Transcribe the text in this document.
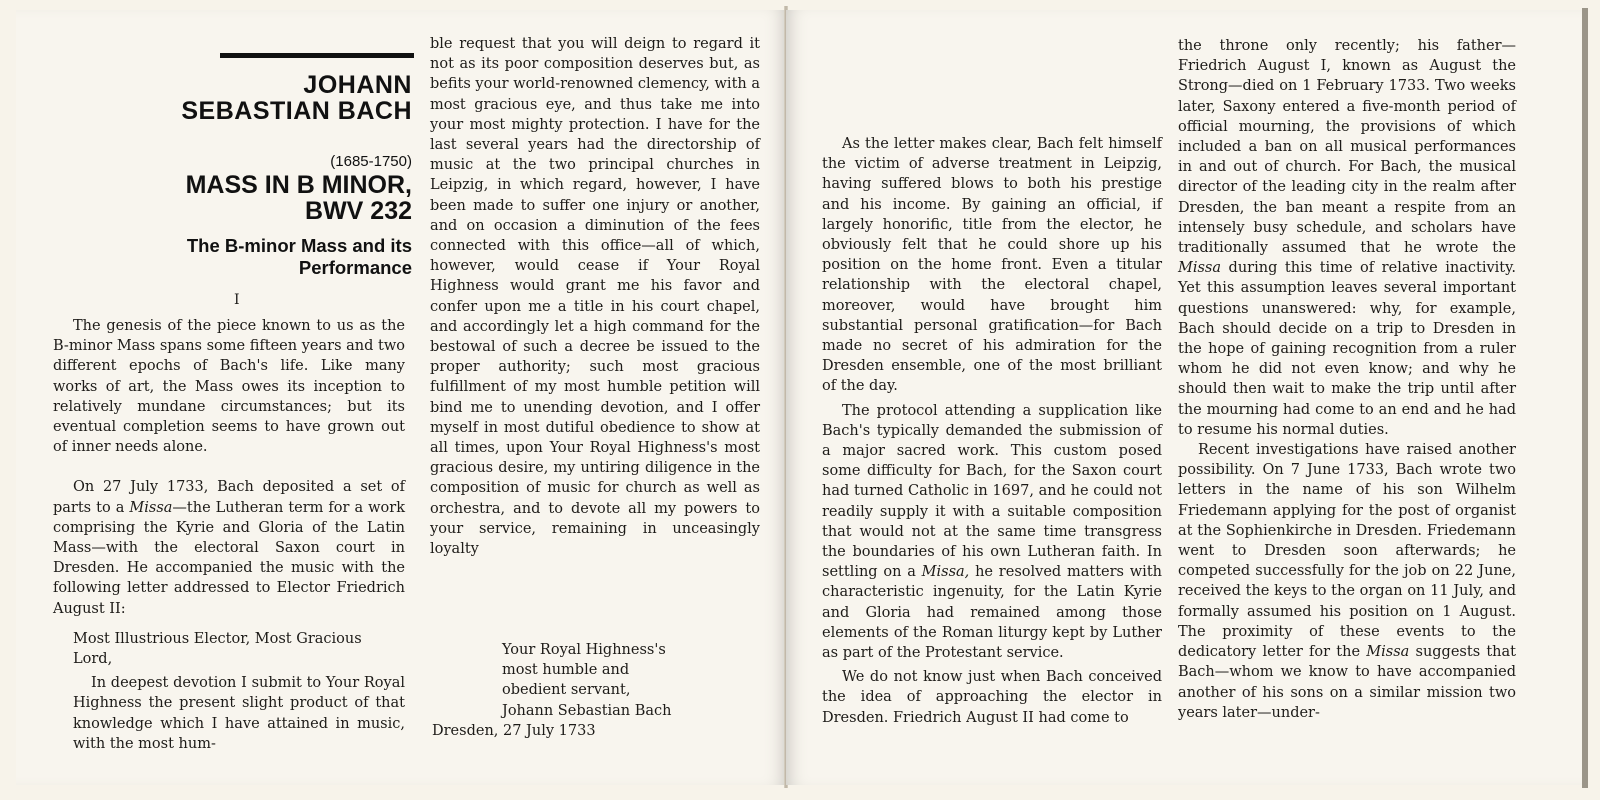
JOHANN SEBASTIAN BACH
(1685-1750)
MASS IN B MINOR, BWV 232
The B-minor Mass and its Performance
I

The genesis of the piece known to us as the B-minor Mass spans some fifteen years and two different epochs of Bach's life. Like many works of art, the Mass owes its inception to relatively mundane circumstances; but its eventual completion seems to have grown out of inner needs alone.

On 27 July 1733, Bach deposited a set of parts to a Missa—the Lutheran term for a work comprising the Kyrie and Gloria of the Latin Mass—with the electoral Saxon court in Dresden. He accompanied the music with the following letter addressed to Elector Friedrich August II:

Most Illustrious Elector, Most Gracious Lord,

In deepest devotion I submit to Your Royal Highness the present slight product of that knowledge which I have attained in music, with the most hum-

ble request that you will deign to regard it not as its poor composition deserves but, as befits your world-renowned clemency, with a most gracious eye, and thus take me into your most mighty protection. I have for the last several years had the directorship of music at the two principal churches in Leipzig, in which regard, however, I have been made to suffer one injury or another, and on occasion a diminution of the fees connected with this office—all of which, however, would cease if Your Royal Highness would grant me his favor and confer upon me a title in his court chapel, and accordingly let a high command for the bestowal of such a decree be issued to the proper authority; such most gracious fulfillment of my most humble petition will bind me to unending devotion, and I offer myself in most dutiful obedience to show at all times, upon Your Royal Highness's most gracious desire, my untiring diligence in the composition of music for church as well as orchestra, and to devote all my powers to your service, remaining in unceasingly loyalty

Your Royal Highness's
most humble and
obedient servant,
Johann Sebastian Bach
Dresden, 27 July 1733

As the letter makes clear, Bach felt himself the victim of adverse treatment in Leipzig, having suffered blows to both his prestige and his income. By gaining an official, if largely honorific, title from the elector, he obviously felt that he could shore up his position on the home front. Even a titular relationship with the electoral chapel, moreover, would have brought him substantial personal gratification—for Bach made no secret of his admiration for the Dresden ensemble, one of the most brilliant of the day.

The protocol attending a supplication like Bach's typically demanded the submission of a major sacred work. This custom posed some difficulty for Bach, for the Saxon court had turned Catholic in 1697, and he could not readily supply it with a suitable composition that would not at the same time transgress the boundaries of his own Lutheran faith. In settling on a Missa, he resolved matters with characteristic ingenuity, for the Latin Kyrie and Gloria had remained among those elements of the Roman liturgy kept by Luther as part of the Protestant service.

We do not know just when Bach conceived the idea of approaching the elector in Dresden. Friedrich August II had come to

the throne only recently; his father—Friedrich August I, known as August the Strong—died on 1 February 1733. Two weeks later, Saxony entered a five-month period of official mourning, the provisions of which included a ban on all musical performances in and out of church. For Bach, the musical director of the leading city in the realm after Dresden, the ban meant a respite from an intensely busy schedule, and scholars have traditionally assumed that he wrote the Missa during this time of relative inactivity. Yet this assumption leaves several important questions unanswered: why, for example, Bach should decide on a trip to Dresden in the hope of gaining recognition from a ruler whom he did not even know; and why he should then wait to make the trip until after the mourning had come to an end and he had to resume his normal duties.

Recent investigations have raised another possibility. On 7 June 1733, Bach wrote two letters in the name of his son Wilhelm Friedemann applying for the post of organist at the Sophienkirche in Dresden. Friedemann went to Dresden soon afterwards; he competed successfully for the job on 22 June, received the keys to the organ on 11 July, and formally assumed his position on 1 August. The proximity of these events to the dedicatory letter for the Missa suggests that Bach—whom we know to have accompanied another of his sons on a similar mission two years later—under-
